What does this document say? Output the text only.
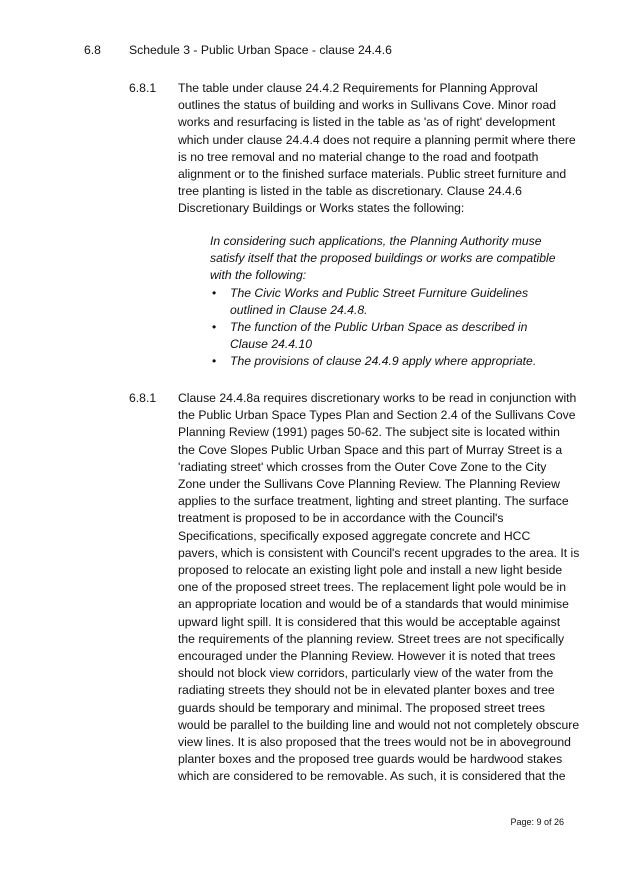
6.8 Schedule 3 - Public Urban Space - clause 24.4.6
6.8.1 The table under clause 24.4.2 Requirements for Planning Approval
outlines the status of building and works in Sullivans Cove. Minor road
works and resurfacing is listed in the table as 'as of right' development
which under clause 24.4.4 does not require a planning permit where there
is no tree removal and no material change to the road and footpath
alignment or to the finished surface materials. Public street furniture and
tree planting is listed in the table as discretionary. Clause 24.4.6
Discretionary Buildings or Works states the following:
In considering such applications, the Planning Authority muse
satisfy itself that the proposed buildings or works are compatible
with the following:
• The Civic Works and Public Street Furniture Guidelines
outlined in Clause 24.4.8.
• The function of the Public Urban Space as described in
Clause 24.4.10
• The provisions of clause 24.4.9 apply where appropriate.
6.8.1 Clause 24.4.8a requires discretionary works to be read in conjunction with
the Public Urban Space Types Plan and Section 2.4 of the Sullivans Cove
Planning Review (1991) pages 50-62. The subject site is located within
the Cove Slopes Public Urban Space and this part of Murray Street is a
'radiating street' which crosses from the Outer Cove Zone to the City
Zone under the Sullivans Cove Planning Review. The Planning Review
applies to the surface treatment, lighting and street planting. The surface
treatment is proposed to be in accordance with the Council's
Specifications, specifically exposed aggregate concrete and HCC
pavers, which is consistent with Council's recent upgrades to the area. It is
proposed to relocate an existing light pole and install a new light beside
one of the proposed street trees. The replacement light pole would be in
an appropriate location and would be of a standards that would minimise
upward light spill. It is considered that this would be acceptable against
the requirements of the planning review. Street trees are not specifically
encouraged under the Planning Review. However it is noted that trees
should not block view corridors, particularly view of the water from the
radiating streets they should not be in elevated planter boxes and tree
guards should be temporary and minimal. The proposed street trees
would be parallel to the building line and would not not completely obscure
view lines. It is also proposed that the trees would not be in aboveground
planter boxes and the proposed tree guards would be hardwood stakes
which are considered to be removable. As such, it is considered that the
Page: 9 of 26
